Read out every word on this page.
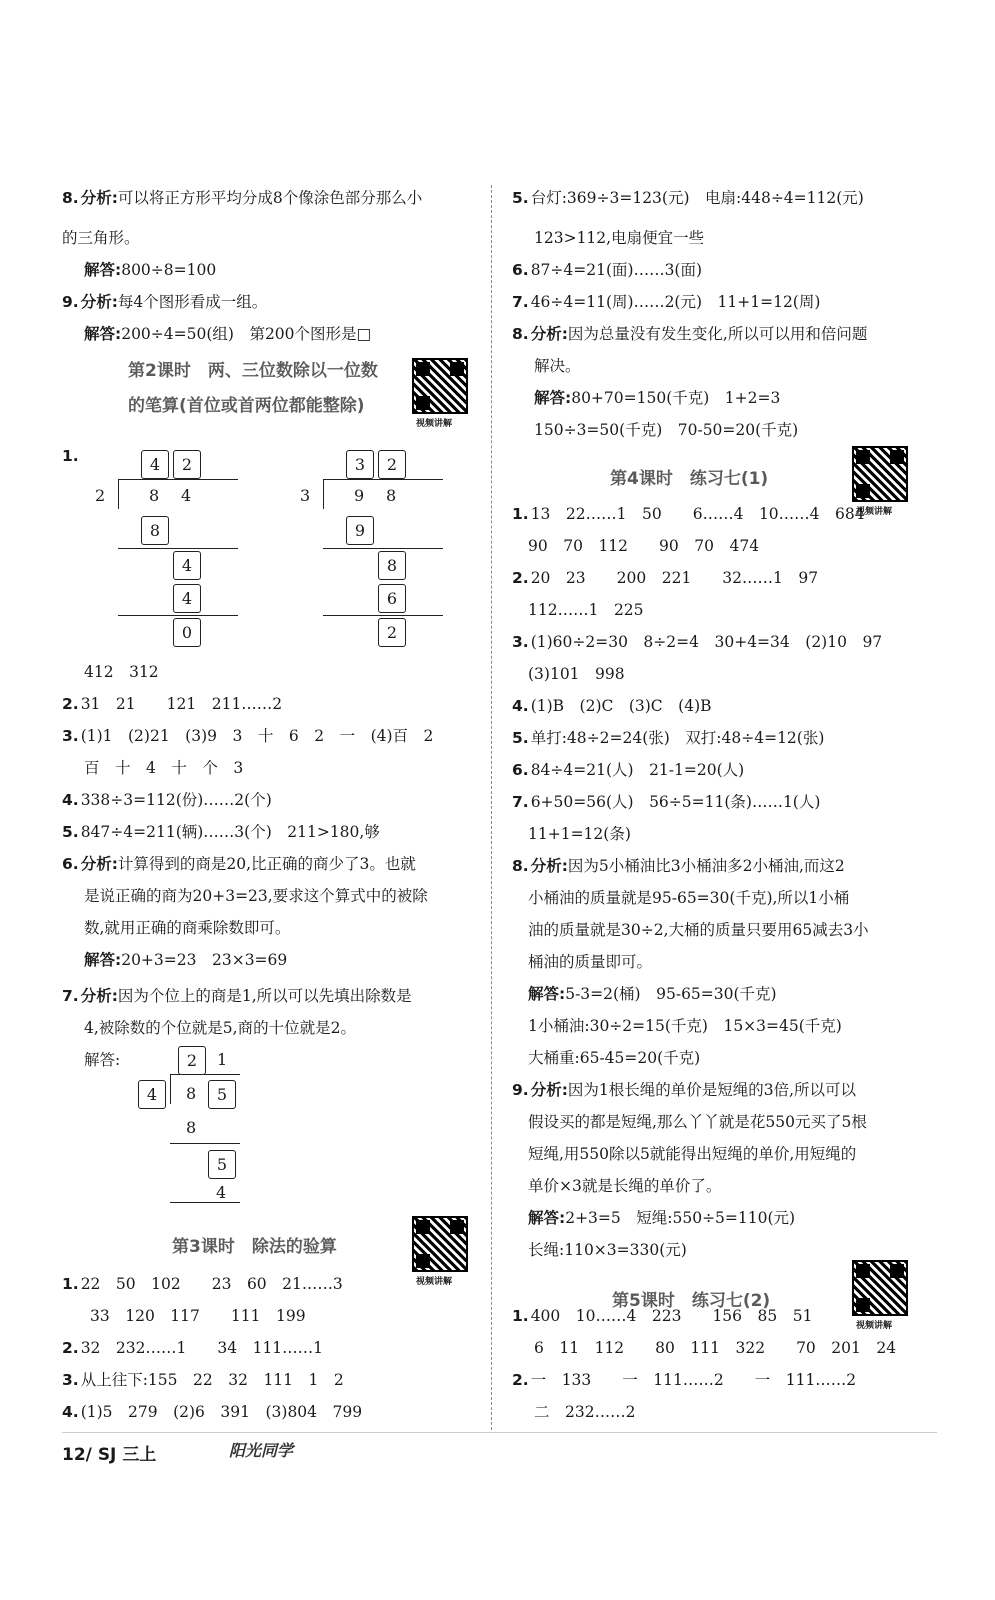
8. 分析:可以将正方形平均分成8个像涂色部分那么小
的三角形。
解答:800÷8=100
9. 分析:每4个图形看成一组。
解答:200÷4=50(组)　第200个图形是□
第2课时　两、三位数除以一位数
的笔算(首位或首两位都能整除)
视频讲解
1.	4	2
2	8 4
8
4
4
0
3	2
3	9 8
9
8
6
2
412　312
2. 31　21　　121　211……2
3. (1)1　(2)21　(3)9　3　十　6　2　一　(4)百　2
百　十　4　十　个　3
4. 338÷3=112(份)……2(个)
5. 847÷4=211(辆)……3(个)　211>180,够
6. 分析:计算得到的商是20,比正确的商少了3。也就
是说正确的商为20+3=23,要求这个算式中的被除
数,就用正确的商乘除数即可。
解答:20+3=23　23×3=69
7. 分析:因为个位上的商是1,所以可以先填出除数是
4,被除数的个位就是5,商的十位就是2。
解答:	2	1
4	8	5
8
5
4
第3课时　除法的验算
视频讲解
1. 22　50　102　　23　60　21……3
33　120　117　　111　199
2. 32　232……1　　34　111……1
3. 从上往下:155　22　32　111　1　2
4. (1)5　279　(2)6　391　(3)804　799
5. 台灯:369÷3=123(元)　电扇:448÷4=112(元)
123>112,电扇便宜一些
6. 87÷4=21(面)……3(面)
7. 46÷4=11(周)……2(元)　11+1=12(周)
8. 分析:因为总量没有发生变化,所以可以用和倍问题
解决。
解答:80+70=150(千克)　1+2=3
150÷3=50(千克)　70-50=20(千克)
第4课时　练习七(1)
视频讲解
1. 13　22……1　50　　6……4　10……4　684
90　70　112　　90　70　474
2. 20　23　　200　221　　32……1　97
112……1　225
3. (1)60÷2=30　8÷2=4　30+4=34　(2)10　97
(3)101　998
4. (1)B　(2)C　(3)C　(4)B
5. 单打:48÷2=24(张)　双打:48÷4=12(张)
6. 84÷4=21(人)　21-1=20(人)
7. 6+50=56(人)　56÷5=11(条)……1(人)
11+1=12(条)
8. 分析:因为5小桶油比3小桶油多2小桶油,而这2
小桶油的质量就是95-65=30(千克),所以1小桶
油的质量就是30÷2,大桶的质量只要用65减去3小
桶油的质量即可。
解答:5-3=2(桶)　95-65=30(千克)
1小桶油:30÷2=15(千克)　15×3=45(千克)
大桶重:65-45=20(千克)
9. 分析:因为1根长绳的单价是短绳的3倍,所以可以
假设买的都是短绳,那么丫丫就是花550元买了5根
短绳,用550除以5就能得出短绳的单价,用短绳的
单价×3就是长绳的单价了。
解答:2+3=5　短绳:550÷5=110(元)
长绳:110×3=330(元)
第5课时　练习七(2)
视频讲解
1. 400　10……4　223　　156　85　51
6　11　112　　80　111　322　　70　201　24
2. 一　133　　一　111……2　　一　111……2
二　232……2
12/ SJ 三上	阳光同学
